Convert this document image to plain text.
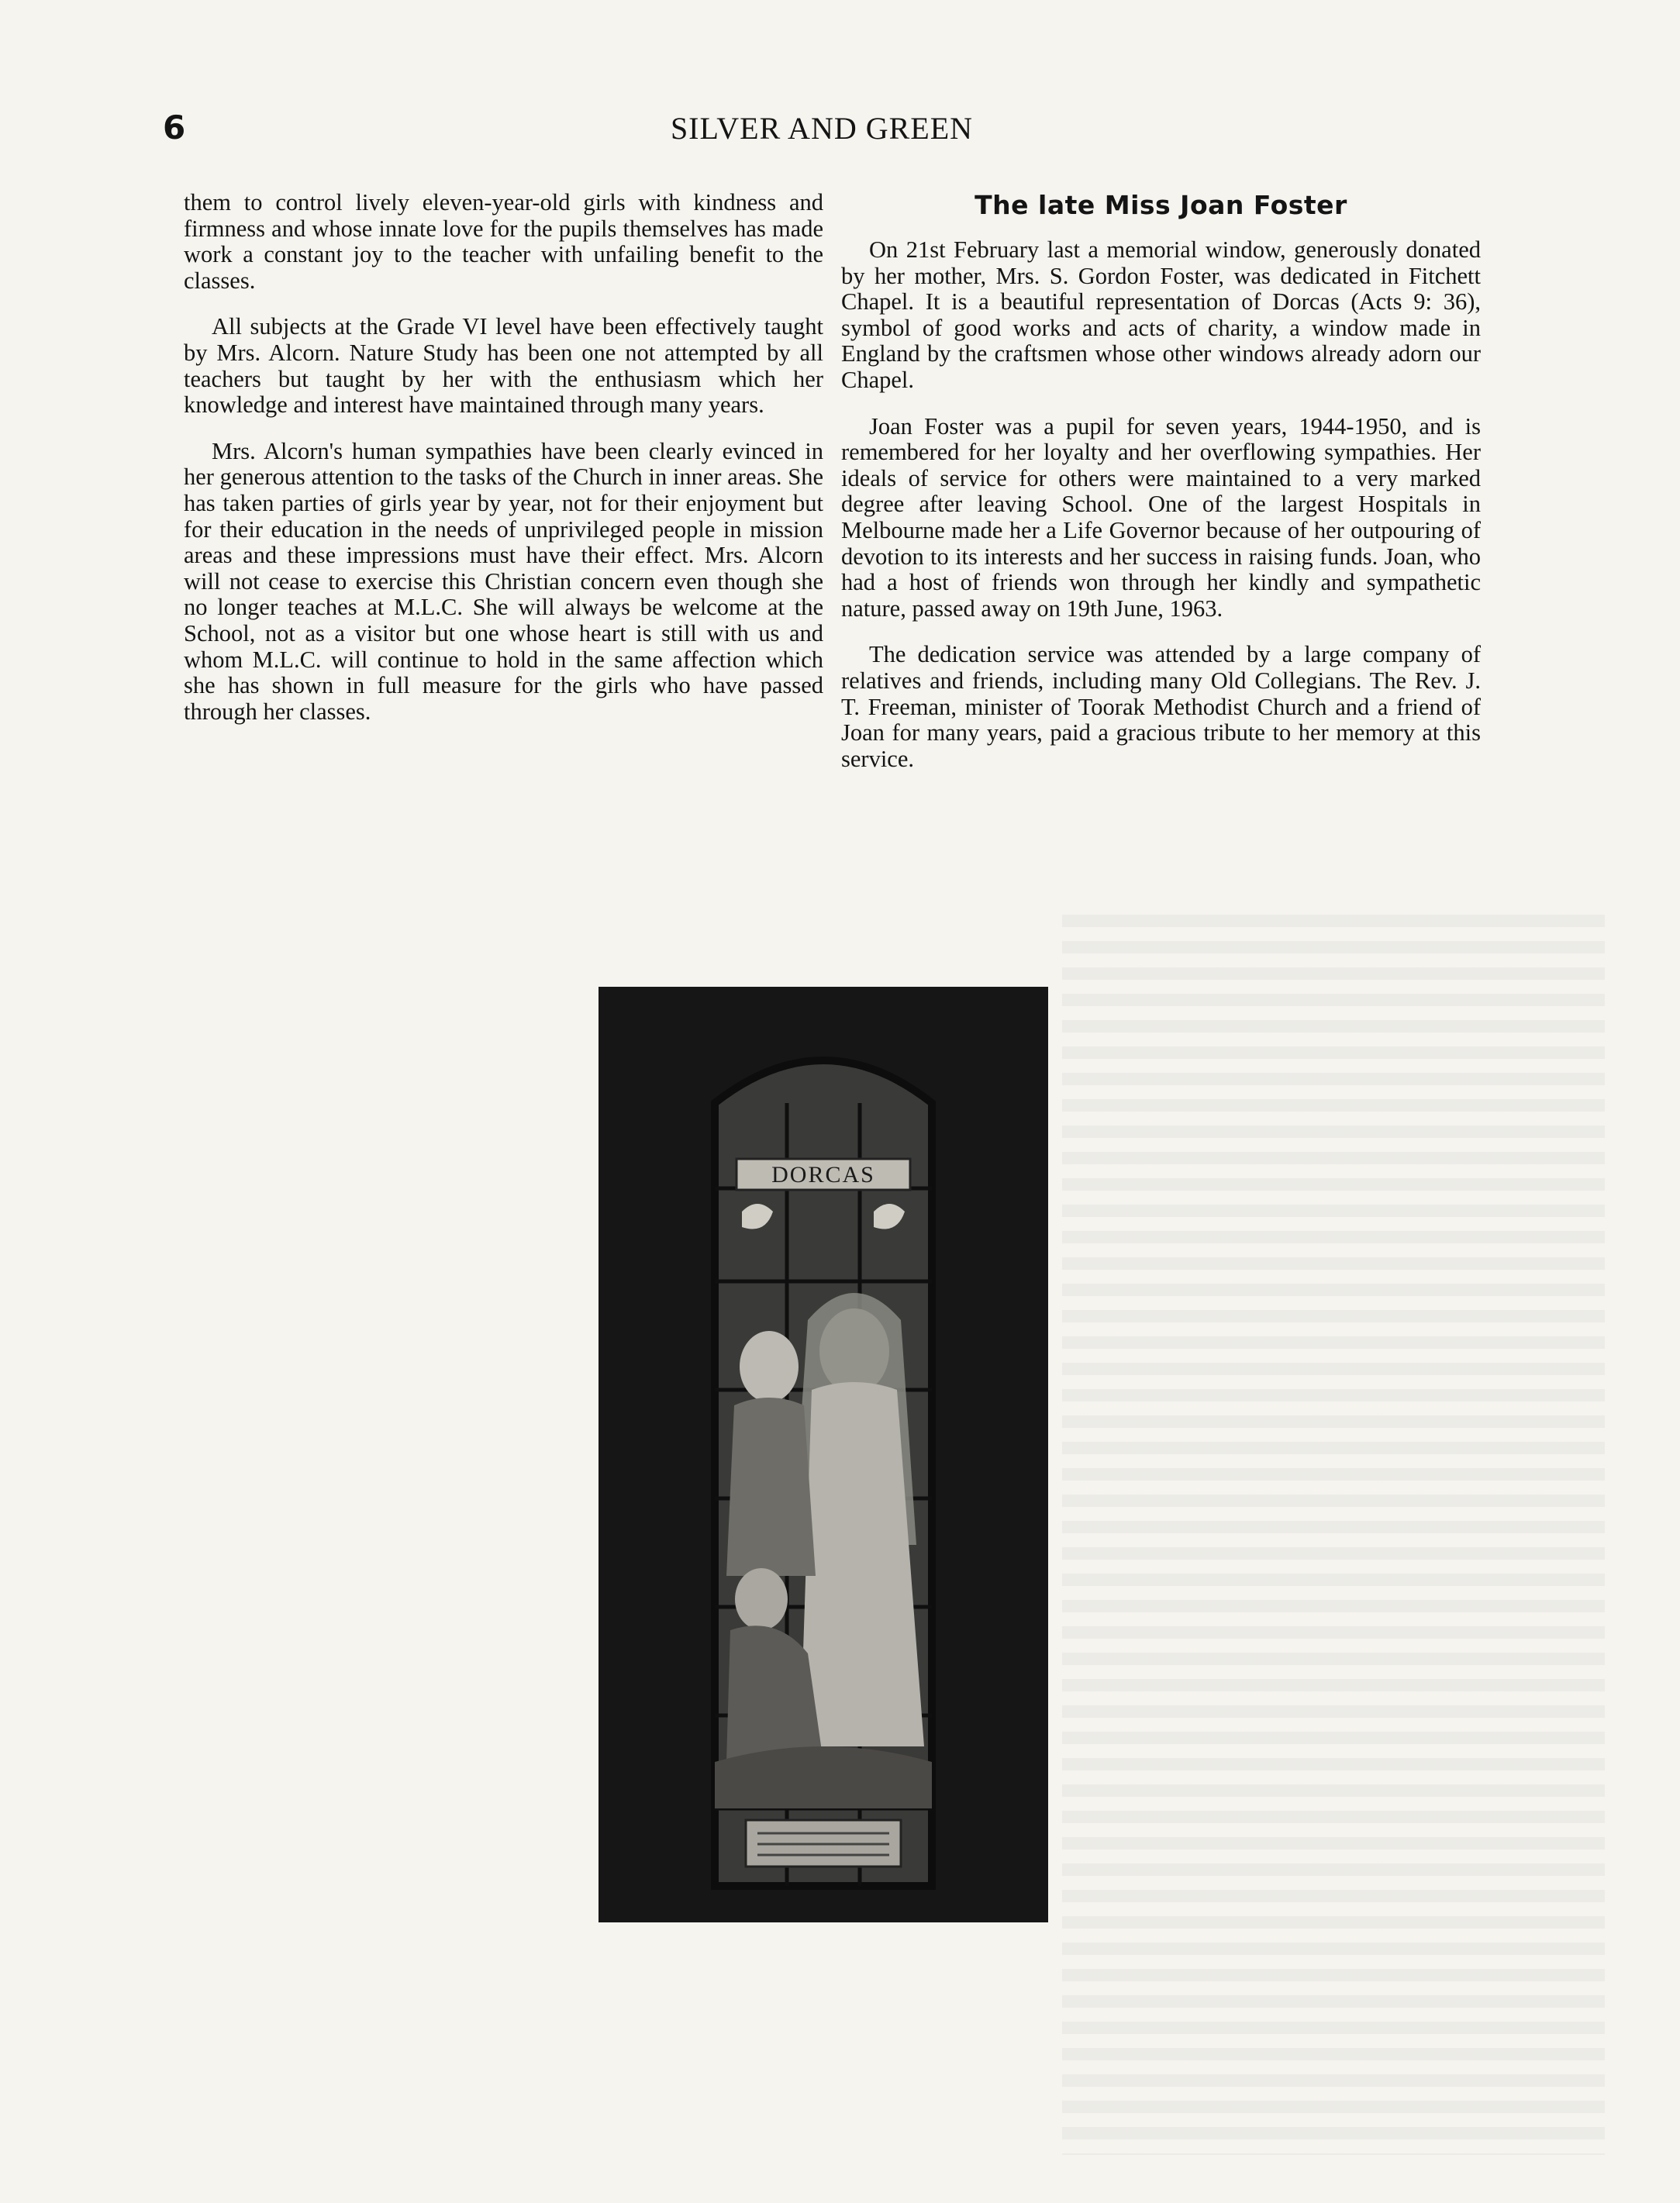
6	SILVER AND GREEN

them to control lively eleven-year-old girls with kindness and firmness and whose innate love for the pupils themselves has made work a constant joy to the teacher with unfailing benefit to the classes.

All subjects at the Grade VI level have been effectively taught by Mrs. Alcorn. Nature Study has been one not attempted by all teachers but taught by her with the enthusiasm which her knowledge and interest have maintained through many years.

Mrs. Alcorn's human sympathies have been clearly evinced in her generous attention to the tasks of the Church in inner areas. She has taken parties of girls year by year, not for their enjoyment but for their education in the needs of unprivileged people in mission areas and these impressions must have their effect. Mrs. Alcorn will not cease to exercise this Christian concern even though she no longer teaches at M.L.C. She will always be welcome at the School, not as a visitor but one whose heart is still with us and whom M.L.C. will continue to hold in the same affection which she has shown in full measure for the girls who have passed through her classes.

The late Miss Joan Foster

On 21st February last a memorial window, generously donated by her mother, Mrs. S. Gordon Foster, was dedicated in Fitchett Chapel. It is a beautiful representation of Dorcas (Acts 9: 36), symbol of good works and acts of charity, a window made in England by the craftsmen whose other windows already adorn our Chapel.

Joan Foster was a pupil for seven years, 1944-1950, and is remembered for her loyalty and her overflowing sympathies. Her ideals of service for others were maintained to a very marked degree after leaving School. One of the largest Hospitals in Melbourne made her a Life Governor because of her outpouring of devotion to its interests and her success in raising funds. Joan, who had a host of friends won through her kindly and sympathetic nature, passed away on 19th June, 1963.

The dedication service was attended by a large company of relatives and friends, including many Old Collegians. The Rev. J. T. Freeman, minister of Toorak Methodist Church and a friend of Joan for many years, paid a gracious tribute to her memory at this service.

DORCAS
